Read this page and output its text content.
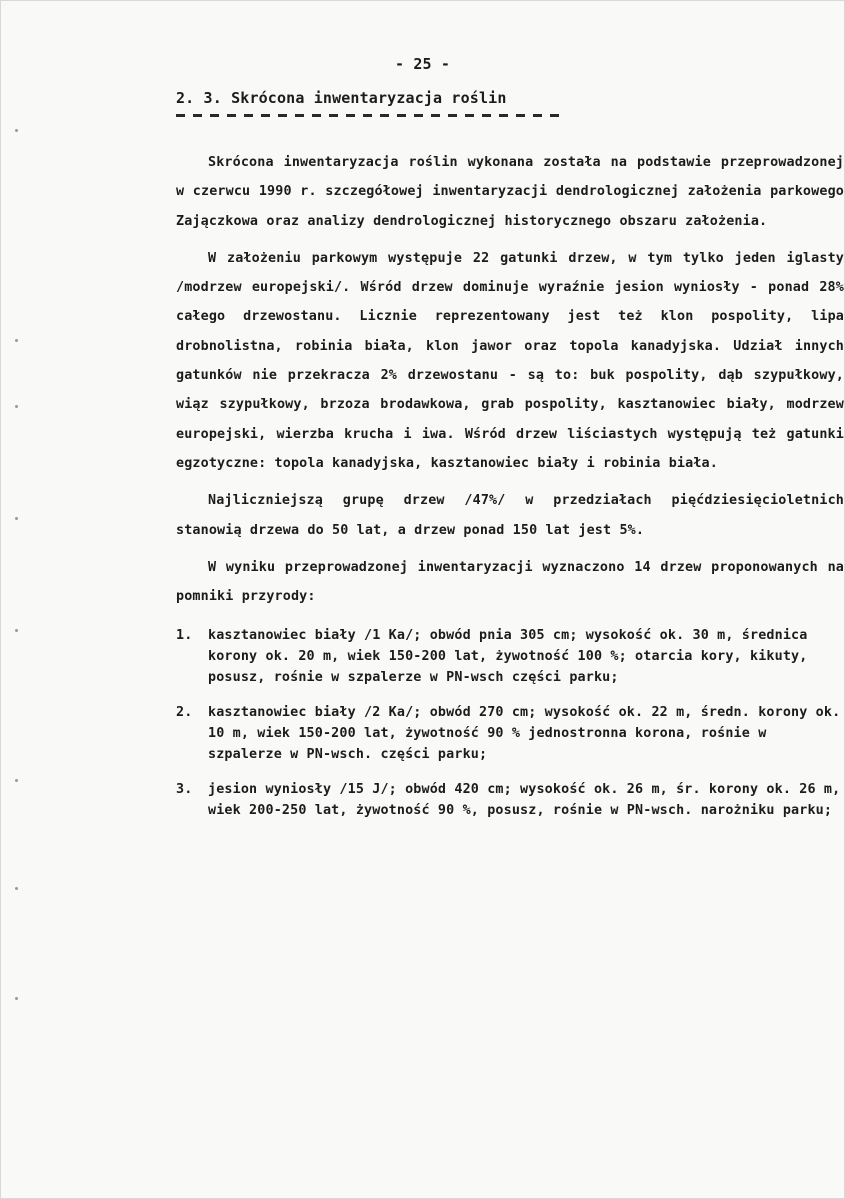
- 25 -
2. 3. Skrócona inwentaryzacja roślin

Skrócona inwentaryzacja roślin wykonana została na podstawie przeprowadzonej w czerwcu 1990 r. szczegółowej inwentaryzacji dendrologicznej założenia parkowego Zajączkowa oraz analizy dendrologicznej historycznego obszaru założenia.

W założeniu parkowym występuje 22 gatunki drzew, w tym tylko jeden iglasty /modrzew europejski/. Wśród drzew dominuje wyraźnie jesion wyniosły - ponad 28% całego drzewostanu. Licznie reprezentowany jest też klon pospolity, lipa drobnolistna, robinia biała, klon jawor oraz topola kanadyjska. Udział innych gatunków nie przekracza 2% drzewostanu - są to: buk pospolity, dąb szypułkowy, wiąz szypułkowy, brzoza brodawkowa, grab pospolity, kasztanowiec biały, modrzew europejski, wierzba krucha i iwa. Wśród drzew liściastych występują też gatunki egzotyczne: topola kanadyjska, kasztanowiec biały i robinia biała.

Najliczniejszą grupę drzew /47%/ w przedziałach pięćdziesięcioletnich stanowią drzewa do 50 lat, a drzew ponad 150 lat jest 5%.

W wyniku przeprowadzonej inwentaryzacji wyznaczono 14 drzew proponowanych na pomniki przyrody:

1. kasztanowiec biały /1 Ka/; obwód pnia 305 cm; wysokość ok. 30 m, średnica korony ok. 20 m, wiek 150-200 lat, żywotność 100 %; otarcia kory, kikuty, posusz, rośnie w szpalerze w PN-wsch części parku;
2. kasztanowiec biały /2 Ka/; obwód 270 cm; wysokość ok. 22 m, średn. korony ok. 10 m, wiek 150-200 lat, żywotność 90 % jednostronna korona, rośnie w szpalerze w PN-wsch. części parku;
3. jesion wyniosły /15 J/; obwód 420 cm; wysokość ok. 26 m, śr. korony ok. 26 m, wiek 200-250 lat, żywotność 90 %, posusz, rośnie w PN-wsch. narożniku parku;
